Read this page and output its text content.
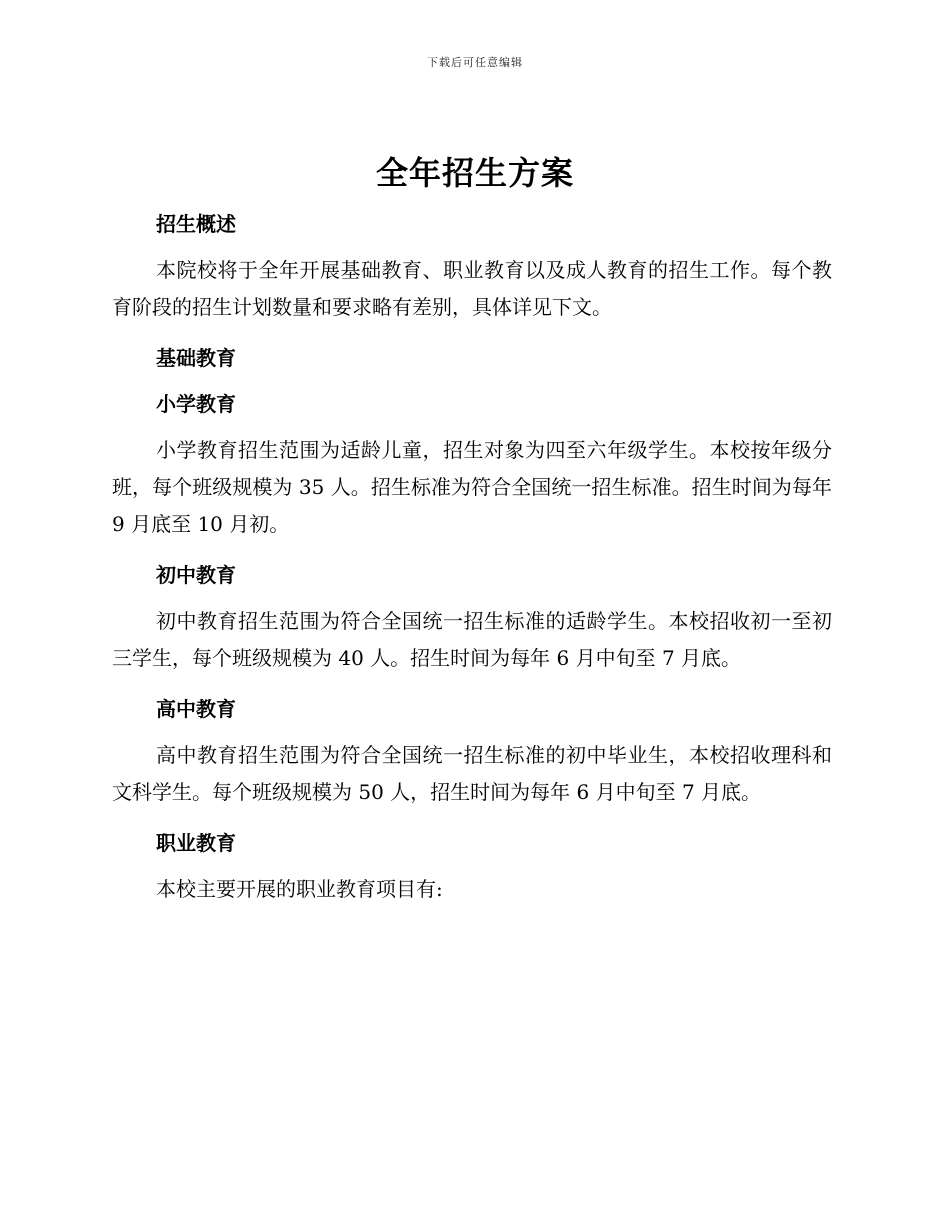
下载后可任意编辑
全年招生方案
招生概述

本院校将于全年开展基础教育、职业教育以及成人教育的招生工作。每个教育阶段的招生计划数量和要求略有差别，具体详见下文。

基础教育
小学教育

小学教育招生范围为适龄儿童，招生对象为四至六年级学生。本校按年级分班，每个班级规模为 35 人。招生标准为符合全国统一招生标准。招生时间为每年 9 月底至 10 月初。

初中教育

初中教育招生范围为符合全国统一招生标准的适龄学生。本校招收初一至初三学生，每个班级规模为 40 人。招生时间为每年 6 月中旬至 7 月底。

高中教育

高中教育招生范围为符合全国统一招生标准的初中毕业生，本校招收理科和文科学生。每个班级规模为 50 人，招生时间为每年 6 月中旬至 7 月底。

职业教育

本校主要开展的职业教育项目有:
